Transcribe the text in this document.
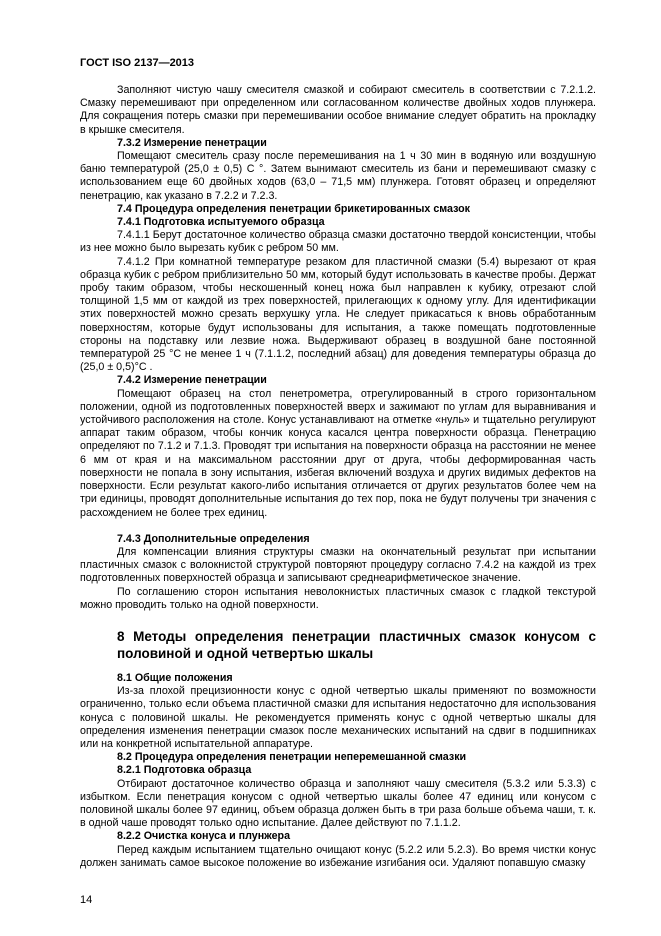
ГОСТ ISO 2137—2013
Заполняют чистую чашу смесителя смазкой и собирают смеситель в соответствии с 7.2.1.2. Смазку перемешивают при определенном или согласованном количестве двойных ходов плунжера. Для сокращения потерь смазки при перемешивании особое внимание следует обратить на прокладку в крышке смесителя.
7.3.2 Измерение пенетрации
Помещают смеситель сразу после перемешивания на 1 ч 30 мин в водяную или воздушную баню температурой (25,0 ± 0,5) С °. Затем вынимают смеситель из бани и перемешивают смазку с использованием еще 60 двойных ходов (63,0 – 71,5 мм) плунжера. Готовят образец и определяют пенетрацию, как указано в 7.2.2 и 7.2.3.
7.4 Процедура определения пенетрации брикетированных смазок
7.4.1 Подготовка испытуемого образца
7.4.1.1 Берут достаточное количество образца смазки достаточно твердой консистенции, чтобы из нее можно было вырезать кубик с ребром 50 мм.
7.4.1.2 При комнатной температуре резаком для пластичной смазки (5.4) вырезают от края образца кубик с ребром приблизительно 50 мм, который будут использовать в качестве пробы. Держат пробу таким образом, чтобы нескошенный конец ножа был направлен к кубику, отрезают слой толщиной 1,5 мм от каждой из трех поверхностей, прилегающих к одному углу. Для идентификации этих поверхностей можно срезать верхушку угла. Не следует прикасаться к вновь обработанным поверхностям, которые будут использованы для испытания, а также помещать подготовленные стороны на подставку или лезвие ножа. Выдерживают образец в воздушной бане постоянной температурой 25 °С не менее 1 ч (7.1.1.2, последний абзац) для доведения температуры образца до (25,0 ± 0,5)°С .
7.4.2 Измерение пенетрации
Помещают образец на стол пенетрометра, отрегулированный в строго горизонтальном положении, одной из подготовленных поверхностей вверх и зажимают по углам для выравнивания и устойчивого расположения на столе. Конус устанавливают на отметке «нуль» и тщательно регулируют аппарат таким образом, чтобы кончик конуса касался центра поверхности образца. Пенетрацию определяют по 7.1.2 и 7.1.3. Проводят три испытания на поверхности образца на расстоянии не менее 6 мм от края и на максимальном расстоянии друг от друга, чтобы деформированная часть поверхности не попала в зону испытания, избегая включений воздуха и других видимых дефектов на поверхности. Если результат какого-либо испытания отличается от других результатов более чем на три единицы, проводят дополнительные испытания до тех пор, пока не будут получены три значения с расхождением не более трех единиц.
7.4.3 Дополнительные определения
Для компенсации влияния структуры смазки на окончательный результат при испытании пластичных смазок с волокнистой структурой повторяют процедуру согласно 7.4.2 на каждой из трех подготовленных поверхностей образца и записывают среднеарифметическое значение.
По соглашению сторон испытания неволокнистых пластичных смазок с гладкой текстурой можно проводить только на одной поверхности.
8 Методы определения пенетрации пластичных смазок конусом с половиной и одной четвертью шкалы
8.1 Общие положения
Из-за плохой прецизионности конус с одной четвертью шкалы применяют по возможности ограниченно, только если объема пластичной смазки для испытания недостаточно для использования конуса с половиной шкалы. Не рекомендуется применять конус с одной четвертью шкалы для определения изменения пенетрации смазок после механических испытаний на сдвиг в подшипниках или на конкретной испытательной аппаратуре.
8.2 Процедура определения пенетрации неперемешанной смазки
8.2.1 Подготовка образца
Отбирают достаточное количество образца и заполняют чашу смесителя (5.3.2 или 5.3.3) с избытком. Если пенетрация конусом с одной четвертью шкалы более 47 единиц или конусом с половиной шкалы более 97 единиц, объем образца должен быть в три раза больше объема чаши, т. к. в одной чаше проводят только одно испытание. Далее действуют по 7.1.1.2.
8.2.2 Очистка конуса и плунжера
Перед каждым испытанием тщательно очищают конус (5.2.2 или 5.2.3). Во время чистки конус должен занимать самое высокое положение во избежание изгибания оси. Удаляют попавшую смазку
14
